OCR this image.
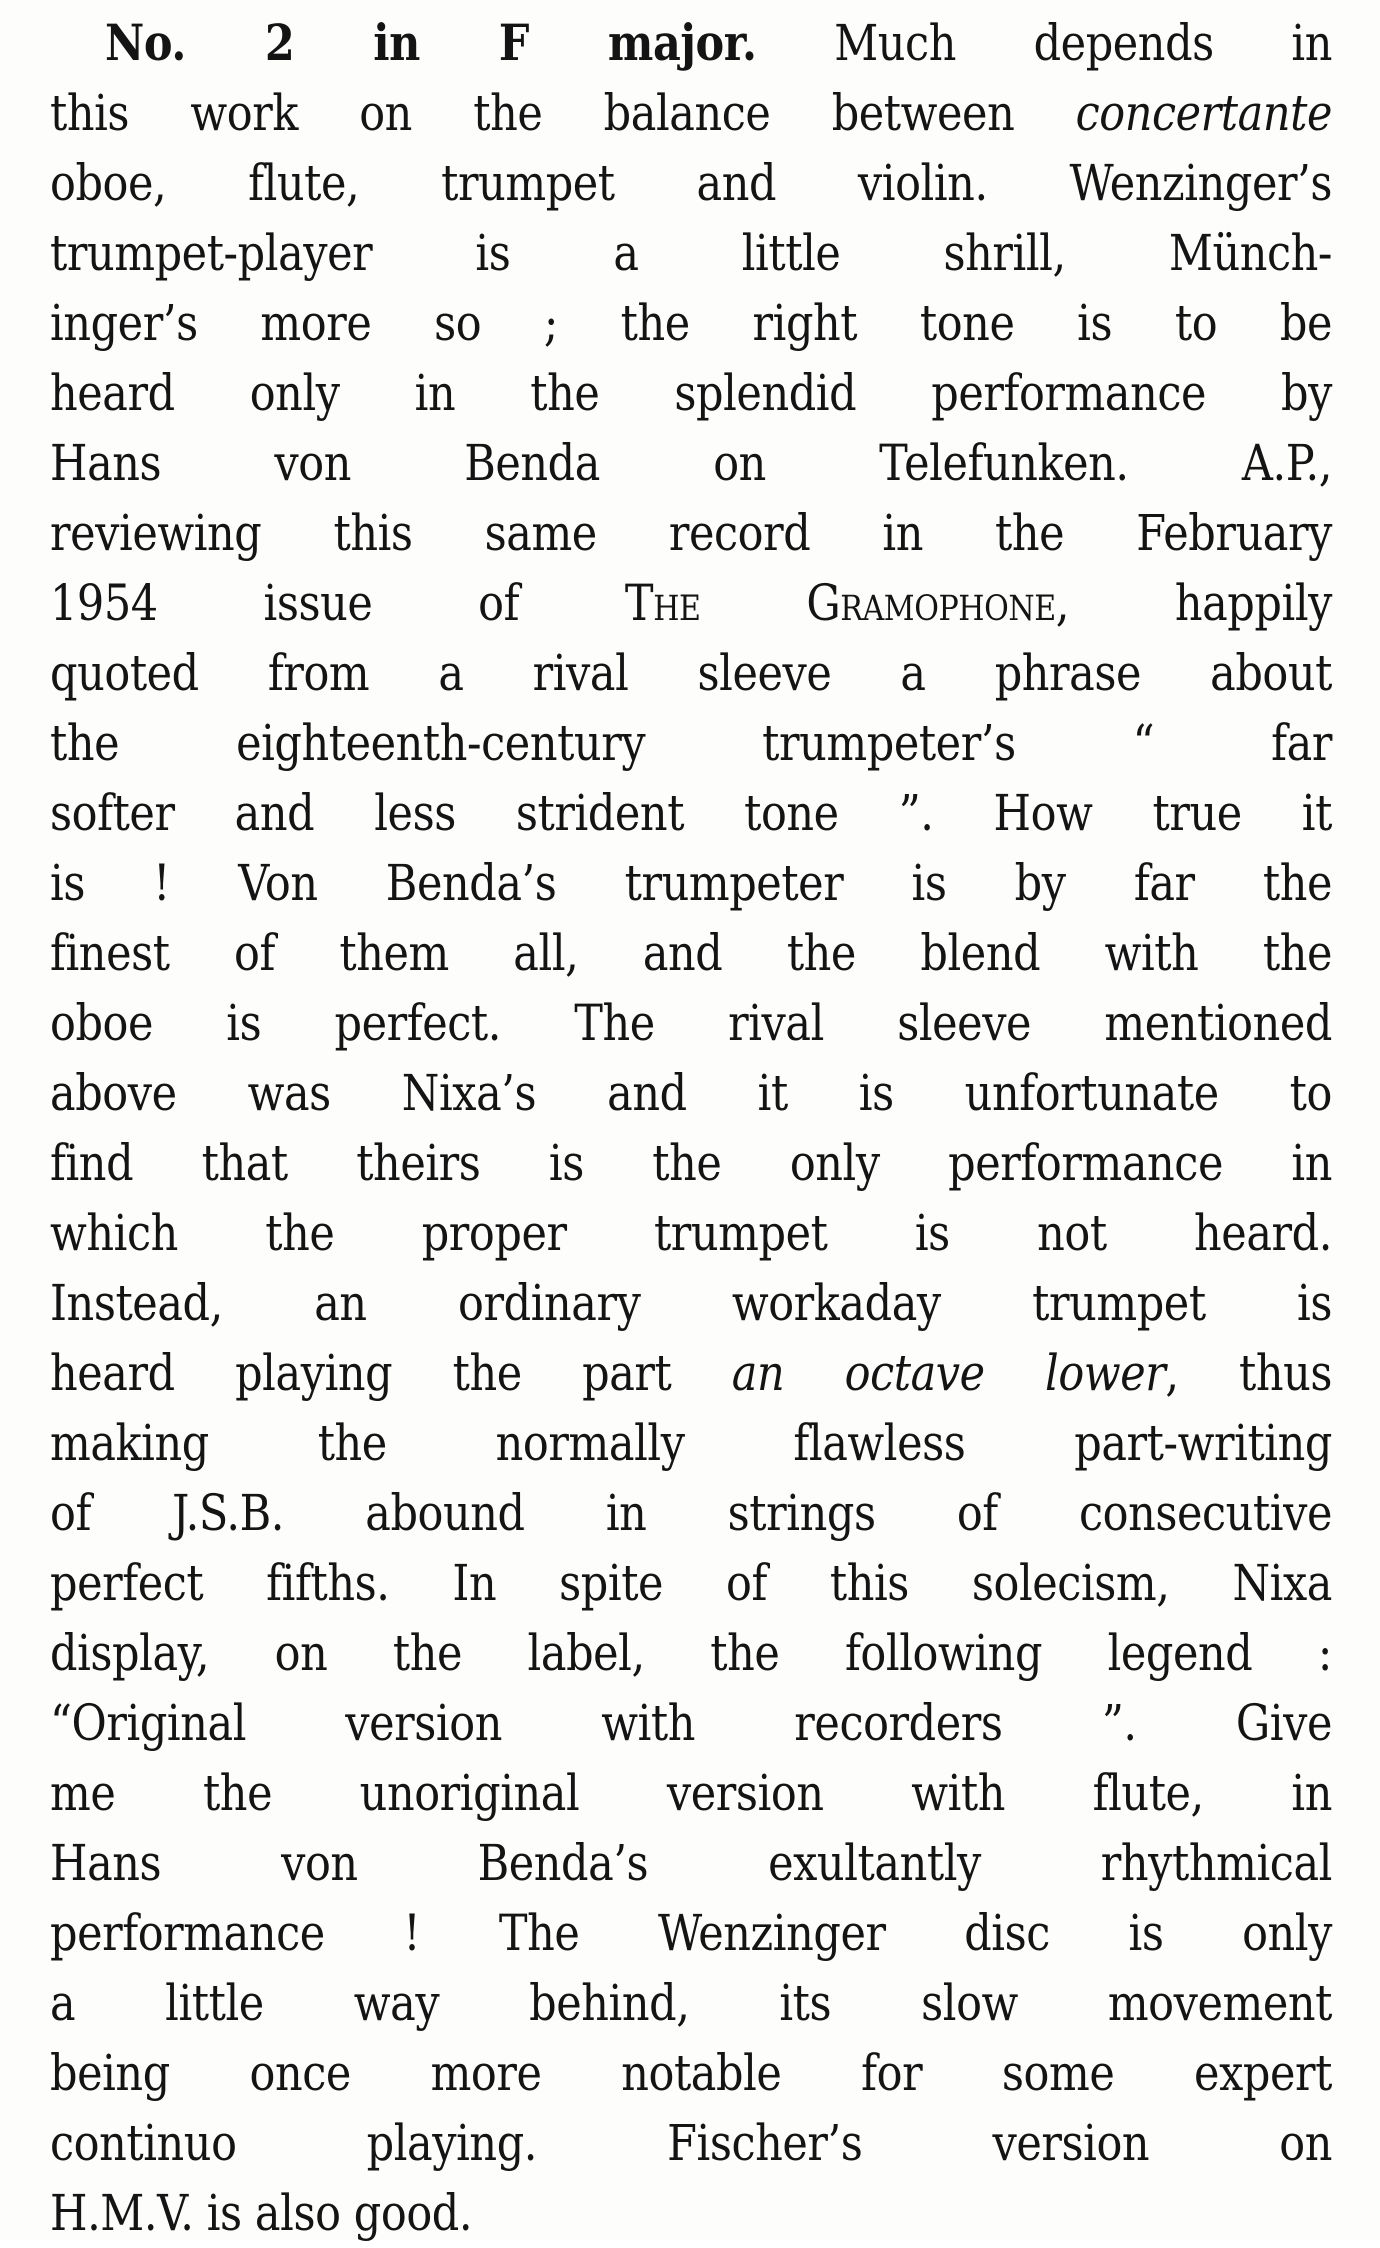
No. 2 in F major. Much depends in
this work on the balance between concertante
oboe, flute, trumpet and violin. Wenzinger’s
trumpet-player is a little shrill, Münch-
inger’s more so ; the right tone is to be
heard only in the splendid performance by
Hans von Benda on Telefunken. A.P.,
reviewing this same record in the February
1954 issue of The Gramophone, happily
quoted from a rival sleeve a phrase about
the eighteenth-century trumpeter’s “ far
softer and less strident tone ”. How true it
is ! Von Benda’s trumpeter is by far the
finest of them all, and the blend with the
oboe is perfect. The rival sleeve mentioned
above was Nixa’s and it is unfortunate to
find that theirs is the only performance in
which the proper trumpet is not heard.
Instead, an ordinary workaday trumpet is
heard playing the part an octave lower, thus
making the normally flawless part-writing
of J.S.B. abound in strings of consecutive
perfect fifths. In spite of this solecism, Nixa
display, on the label, the following legend :
“Original version with recorders ”. Give
me the unoriginal version with flute, in
Hans von Benda’s exultantly rhythmical
performance ! The Wenzinger disc is only
a little way behind, its slow movement
being once more notable for some expert
continuo playing. Fischer’s version on
H.M.V. is also good.
